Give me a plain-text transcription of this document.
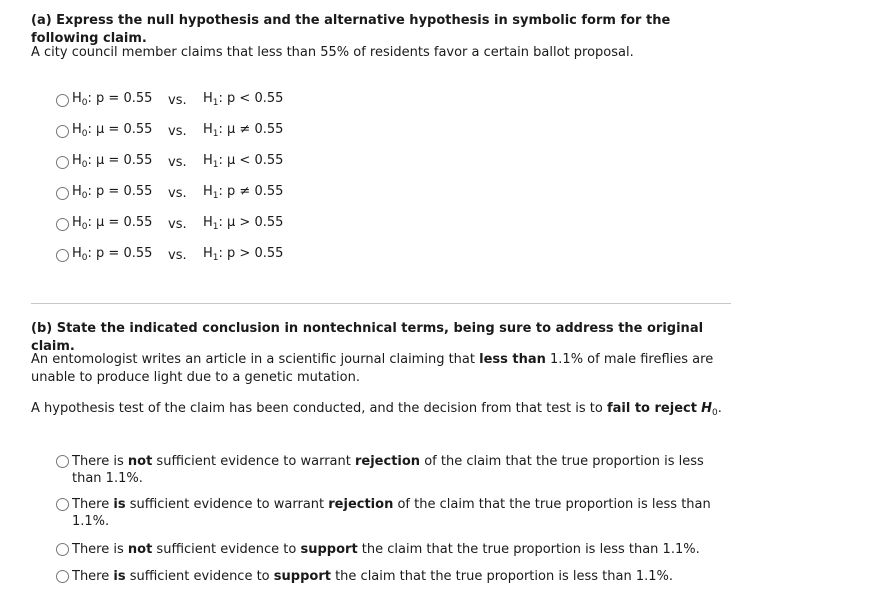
(a) Express the null hypothesis and the alternative hypothesis in symbolic form for the following claim.
A city council member claims that less than 55% of residents favor a certain ballot proposal.
$H_0$: p = 0.55	vs.	$H_1$: p < 0.55
$H_0$: μ = 0.55	vs.	$H_1$: μ ≠ 0.55
$H_0$: μ = 0.55	vs.	$H_1$: μ < 0.55
$H_0$: p = 0.55	vs.	$H_1$: p ≠ 0.55
$H_0$: μ = 0.55	vs.	$H_1$: μ > 0.55
$H_0$: p = 0.55	vs.	$H_1$: p > 0.55
(b) State the indicated conclusion in nontechnical terms, being sure to address the original claim.
An entomologist writes an article in a scientific journal claiming that less than 1.1% of male fireflies are unable to produce light due to a genetic mutation.
A hypothesis test of the claim has been conducted, and the decision from that test is to fail to reject $H_0$.
There is not sufficient evidence to warrant rejection of the claim that the true proportion is less than 1.1%.
There is sufficient evidence to warrant rejection of the claim that the true proportion is less than 1.1%.
There is not sufficient evidence to support the claim that the true proportion is less than 1.1%.
There is sufficient evidence to support the claim that the true proportion is less than 1.1%.
